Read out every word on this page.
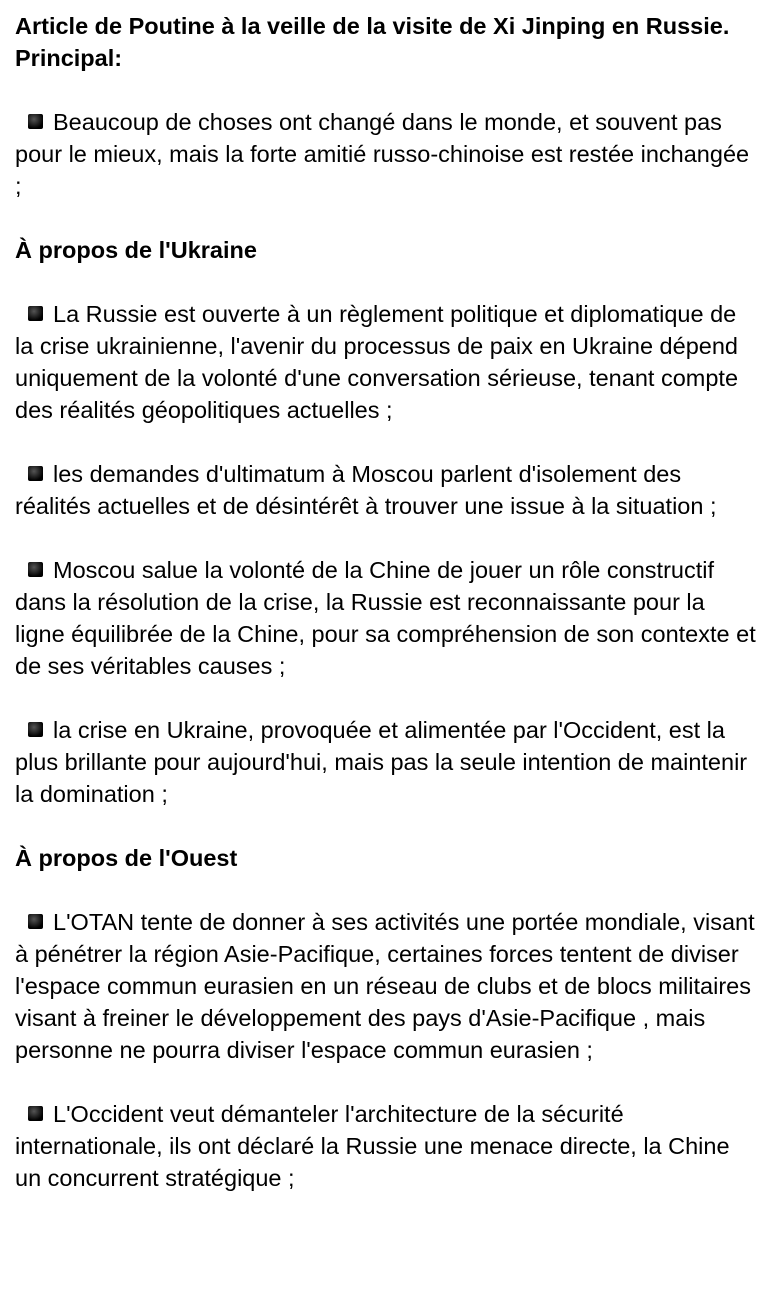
Article de Poutine à la veille de la visite de Xi Jinping en Russie. Principal:

Beaucoup de choses ont changé dans le monde, et souvent pas pour le mieux, mais la forte amitié russo-chinoise est restée inchangée ;

À propos de l'Ukraine

La Russie est ouverte à un règlement politique et diplomatique de la crise ukrainienne, l'avenir du processus de paix en Ukraine dépend uniquement de la volonté d'une conversation sérieuse, tenant compte des réalités géopolitiques actuelles ;

les demandes d'ultimatum à Moscou parlent d'isolement des réalités actuelles et de désintérêt à trouver une issue à la situation ;

Moscou salue la volonté de la Chine de jouer un rôle constructif dans la résolution de la crise, la Russie est reconnaissante pour la ligne équilibrée de la Chine, pour sa compréhension de son contexte et de ses véritables causes ;

la crise en Ukraine, provoquée et alimentée par l'Occident, est la plus brillante pour aujourd'hui, mais pas la seule intention de maintenir la domination ;

À propos de l'Ouest

L'OTAN tente de donner à ses activités une portée mondiale, visant à pénétrer la région Asie-Pacifique, certaines forces tentent de diviser l'espace commun eurasien en un réseau de clubs et de blocs militaires visant à freiner le développement des pays d'Asie-Pacifique , mais personne ne pourra diviser l'espace commun eurasien ;

L'Occident veut démanteler l'architecture de la sécurité internationale, ils ont déclaré la Russie une menace directe, la Chine un concurrent stratégique ;
